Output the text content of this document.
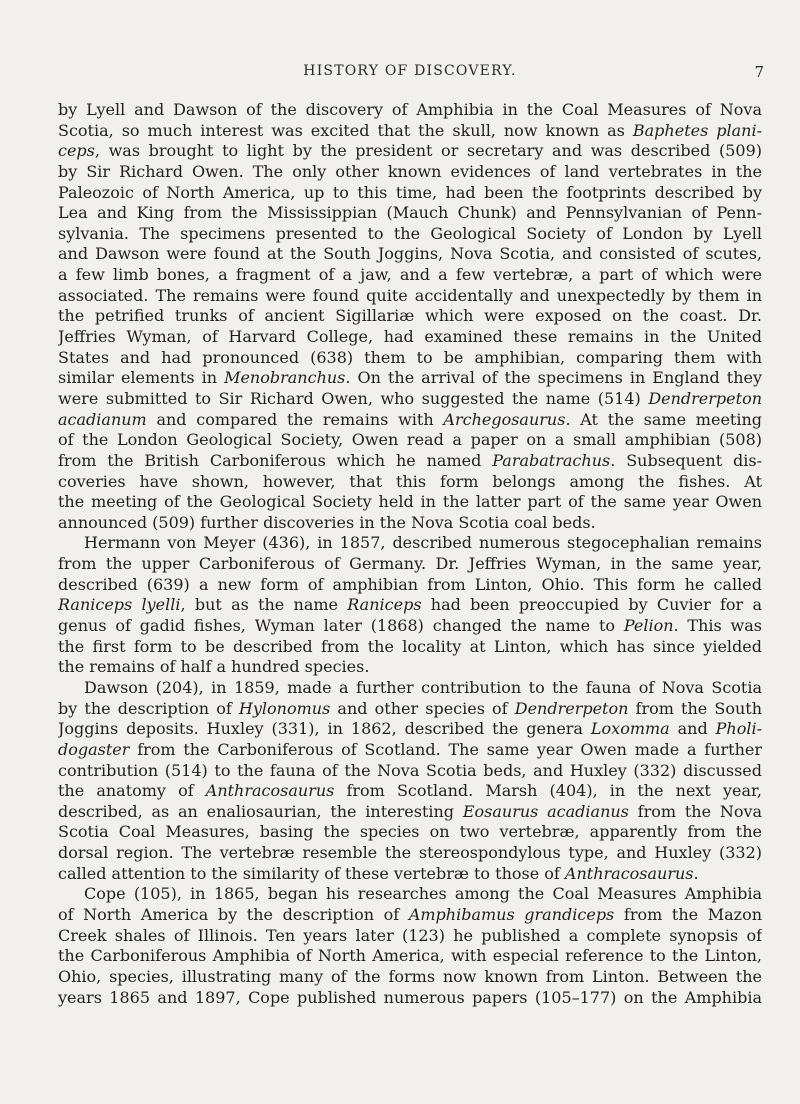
HISTORY OF DISCOVERY.	7
by Lyell and Dawson of the discovery of Amphibia in the Coal Measures of Nova
Scotia, so much interest was excited that the skull, now known as Baphetes plani-
ceps, was brought to light by the president or secretary and was described (509)
by Sir Richard Owen. The only other known evidences of land vertebrates in the
Paleozoic of North America, up to this time, had been the footprints described by
Lea and King from the Mississippian (Mauch Chunk) and Pennsylvanian of Penn-
sylvania. The specimens presented to the Geological Society of London by Lyell
and Dawson were found at the South Joggins, Nova Scotia, and consisted of scutes,
a few limb bones, a fragment of a jaw, and a few vertebræ, a part of which were
associated. The remains were found quite accidentally and unexpectedly by them in
the petrified trunks of ancient Sigillariæ which were exposed on the coast. Dr.
Jeffries Wyman, of Harvard College, had examined these remains in the United
States and had pronounced (638) them to be amphibian, comparing them with
similar elements in Menobranchus. On the arrival of the specimens in England they
were submitted to Sir Richard Owen, who suggested the name (514) Dendrerpeton
acadianum and compared the remains with Archegosaurus. At the same meeting
of the London Geological Society, Owen read a paper on a small amphibian (508)
from the British Carboniferous which he named Parabatrachus. Subsequent dis-
coveries have shown, however, that this form belongs among the fishes. At
the meeting of the Geological Society held in the latter part of the same year Owen
announced (509) further discoveries in the Nova Scotia coal beds.
Hermann von Meyer (436), in 1857, described numerous stegocephalian remains
from the upper Carboniferous of Germany. Dr. Jeffries Wyman, in the same year,
described (639) a new form of amphibian from Linton, Ohio. This form he called
Raniceps lyelli, but as the name Raniceps had been preoccupied by Cuvier for a
genus of gadid fishes, Wyman later (1868) changed the name to Pelion. This was
the first form to be described from the locality at Linton, which has since yielded
the remains of half a hundred species.
Dawson (204), in 1859, made a further contribution to the fauna of Nova Scotia
by the description of Hylonomus and other species of Dendrerpeton from the South
Joggins deposits. Huxley (331), in 1862, described the genera Loxomma and Pholi-
dogaster from the Carboniferous of Scotland. The same year Owen made a further
contribution (514) to the fauna of the Nova Scotia beds, and Huxley (332) discussed
the anatomy of Anthracosaurus from Scotland. Marsh (404), in the next year,
described, as an enaliosaurian, the interesting Eosaurus acadianus from the Nova
Scotia Coal Measures, basing the species on two vertebræ, apparently from the
dorsal region. The vertebræ resemble the stereospondylous type, and Huxley (332)
called attention to the similarity of these vertebræ to those of Anthracosaurus.
Cope (105), in 1865, began his researches among the Coal Measures Amphibia
of North America by the description of Amphibamus grandiceps from the Mazon
Creek shales of Illinois. Ten years later (123) he published a complete synopsis of
the Carboniferous Amphibia of North America, with especial reference to the Linton,
Ohio, species, illustrating many of the forms now known from Linton. Between the
years 1865 and 1897, Cope published numerous papers (105–177) on the Amphibia
